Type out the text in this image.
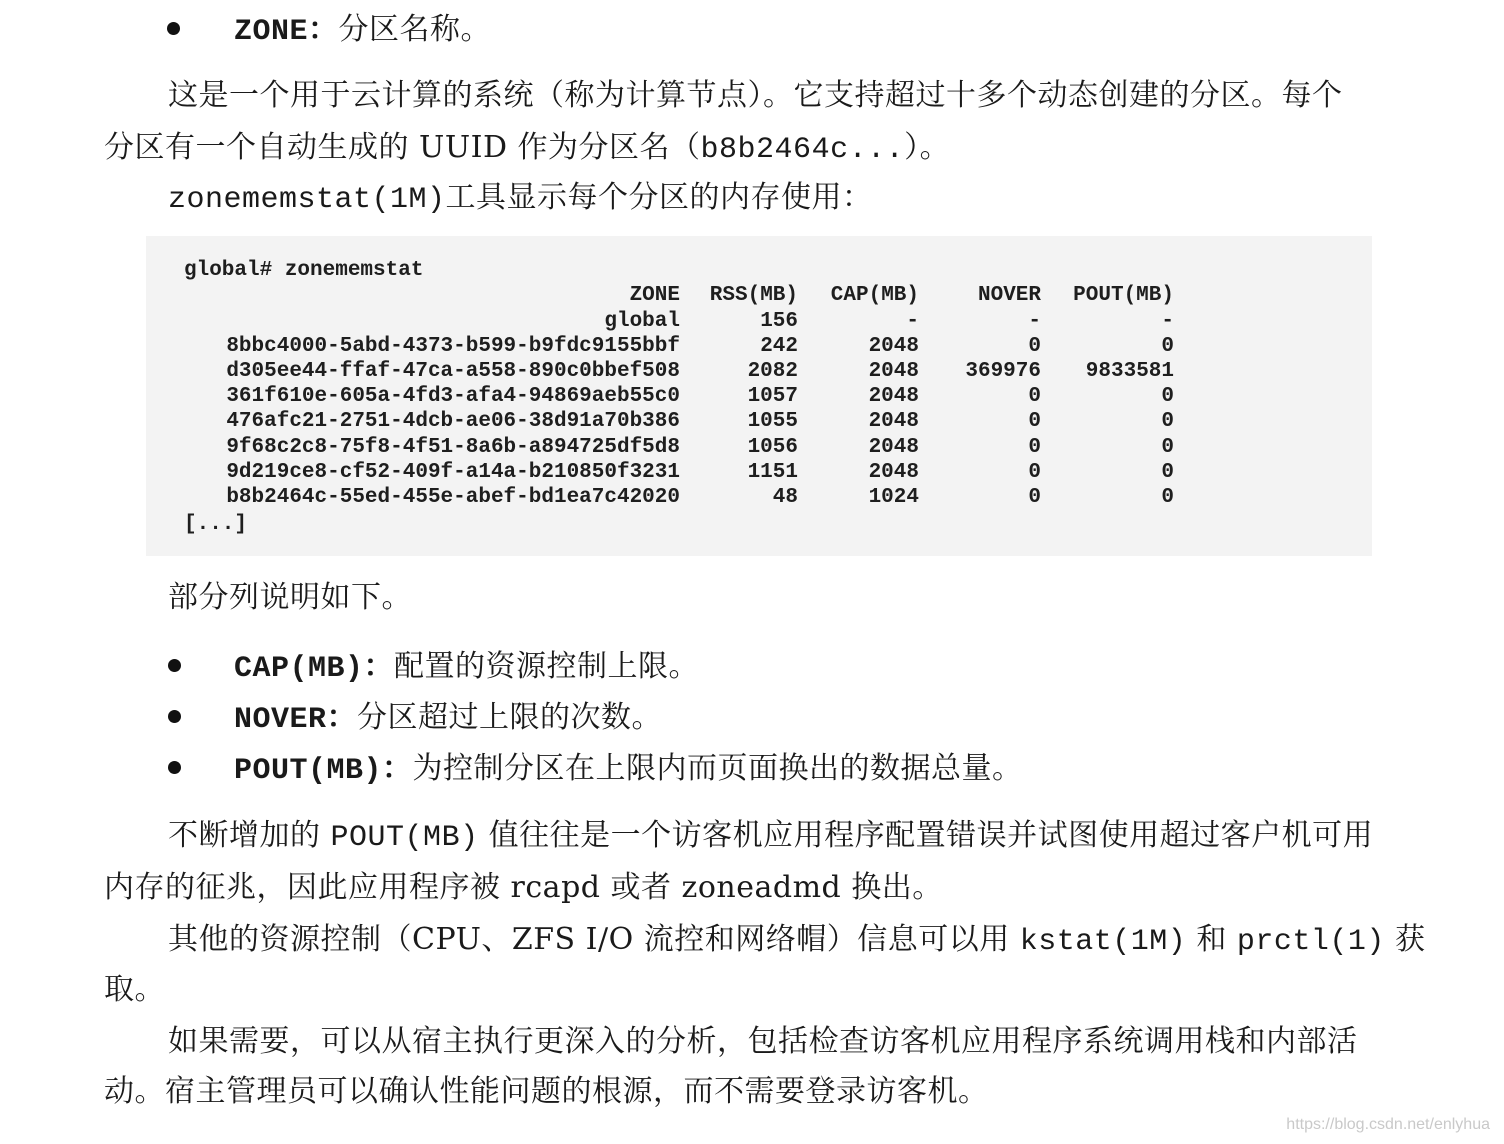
ZONE：分区名称。
这是一个用于云计算的系统（称为计算节点）。它支持超过十多个动态创建的分区。每个
分区有一个自动生成的 UUID 作为分区名（b8b2464c...）。
zonememstat(1M)工具显示每个分区的内存使用：
global# zonememstat
ZONE RSS(MB) CAP(MB)	NOVER POUT(MB)
global	156	-	-	-
8bbc4000-5abd-4373-b599-b9fdc9155bbf	242	2048	0	0
d305ee44-ffaf-47ca-a558-890c0bbef508	2082	2048 369976 9833581
361f610e-605a-4fd3-afa4-94869aeb55c0	1057	2048	0	0
476afc21-2751-4dcb-ae06-38d91a70b386	1055	2048	0	0
9f68c2c8-75f8-4f51-8a6b-a894725df5d8	1056	2048	0	0
9d219ce8-cf52-409f-a14a-b210850f3231	1151	2048	0	0
b8b2464c-55ed-455e-abef-bd1ea7c42020	48	1024	0	0
[...]
部分列说明如下。
CAP(MB)：配置的资源控制上限。
NOVER：分区超过上限的次数。
POUT(MB)：为控制分区在上限内而页面换出的数据总量。
不断增加的 POUT(MB) 值往往是一个访客机应用程序配置错误并试图使用超过客户机可用
内存的征兆，因此应用程序被 rcapd 或者 zoneadmd 换出。
其他的资源控制（CPU、ZFS I/O 流控和网络帽）信息可以用 kstat(1M) 和 prctl(1) 获
取。
如果需要，可以从宿主执行更深入的分析，包括检查访客机应用程序系统调用栈和内部活
动。宿主管理员可以确认性能问题的根源，而不需要登录访客机。
https://blog.csdn.net/enlyhua
